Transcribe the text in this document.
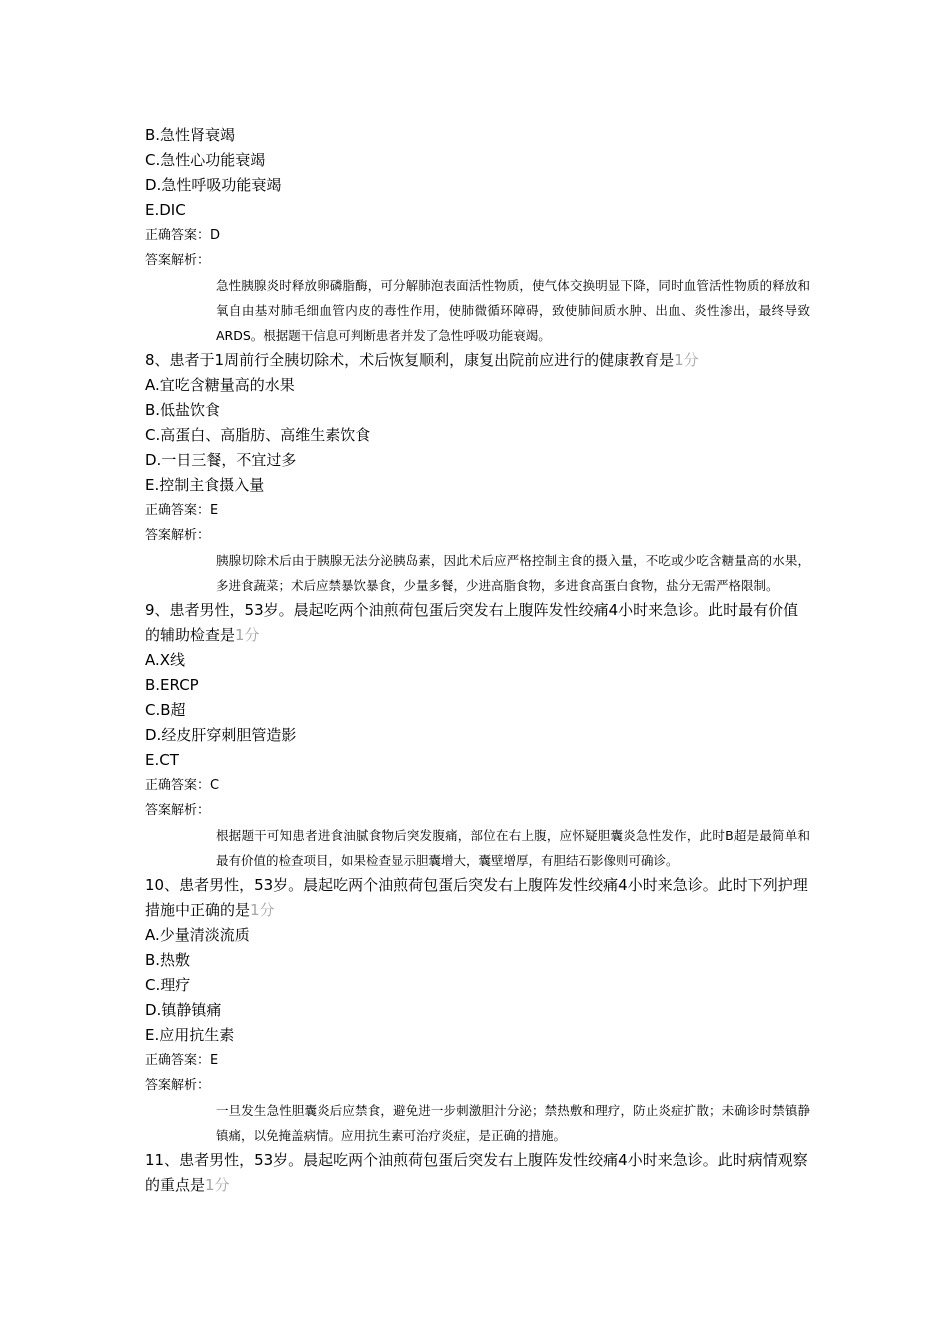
B.急性肾衰竭
C.急性心功能衰竭
D.急性呼吸功能衰竭
E.DIC
正确答案：D
答案解析：
急性胰腺炎时释放卵磷脂酶，可分解肺泡表面活性物质，使气体交换明显下降，同时血管活性物质的释放和氧自由基对肺毛细血管内皮的毒性作用，使肺微循环障碍，致使肺间质水肿、出血、炎性渗出，最终导致ARDS。根据题干信息可判断患者并发了急性呼吸功能衰竭。
8、患者于1周前行全胰切除术，术后恢复顺利，康复出院前应进行的健康教育是1分
A.宜吃含糖量高的水果
B.低盐饮食
C.高蛋白、高脂肪、高维生素饮食
D.一日三餐，不宜过多
E.控制主食摄入量
正确答案：E
答案解析：
胰腺切除术后由于胰腺无法分泌胰岛素，因此术后应严格控制主食的摄入量，不吃或少吃含糖量高的水果，多进食蔬菜；术后应禁暴饮暴食，少量多餐，少进高脂食物，多进食高蛋白食物，盐分无需严格限制。
9、患者男性，53岁。晨起吃两个油煎荷包蛋后突发右上腹阵发性绞痛4小时来急诊。此时最有价值的辅助检查是1分
A.X线
B.ERCP
C.B超
D.经皮肝穿刺胆管造影
E.CT
正确答案：C
答案解析：
根据题干可知患者进食油腻食物后突发腹痛，部位在右上腹，应怀疑胆囊炎急性发作，此时B超是最简单和最有价值的检查项目，如果检查显示胆囊增大，囊壁增厚，有胆结石影像则可确诊。
10、患者男性，53岁。晨起吃两个油煎荷包蛋后突发右上腹阵发性绞痛4小时来急诊。此时下列护理措施中正确的是1分
A.少量清淡流质
B.热敷
C.理疗
D.镇静镇痛
E.应用抗生素
正确答案：E
答案解析：
一旦发生急性胆囊炎后应禁食，避免进一步刺激胆汁分泌；禁热敷和理疗，防止炎症扩散；未确诊时禁镇静镇痛，以免掩盖病情。应用抗生素可治疗炎症，是正确的措施。
11、患者男性，53岁。晨起吃两个油煎荷包蛋后突发右上腹阵发性绞痛4小时来急诊。此时病情观察的重点是1分
